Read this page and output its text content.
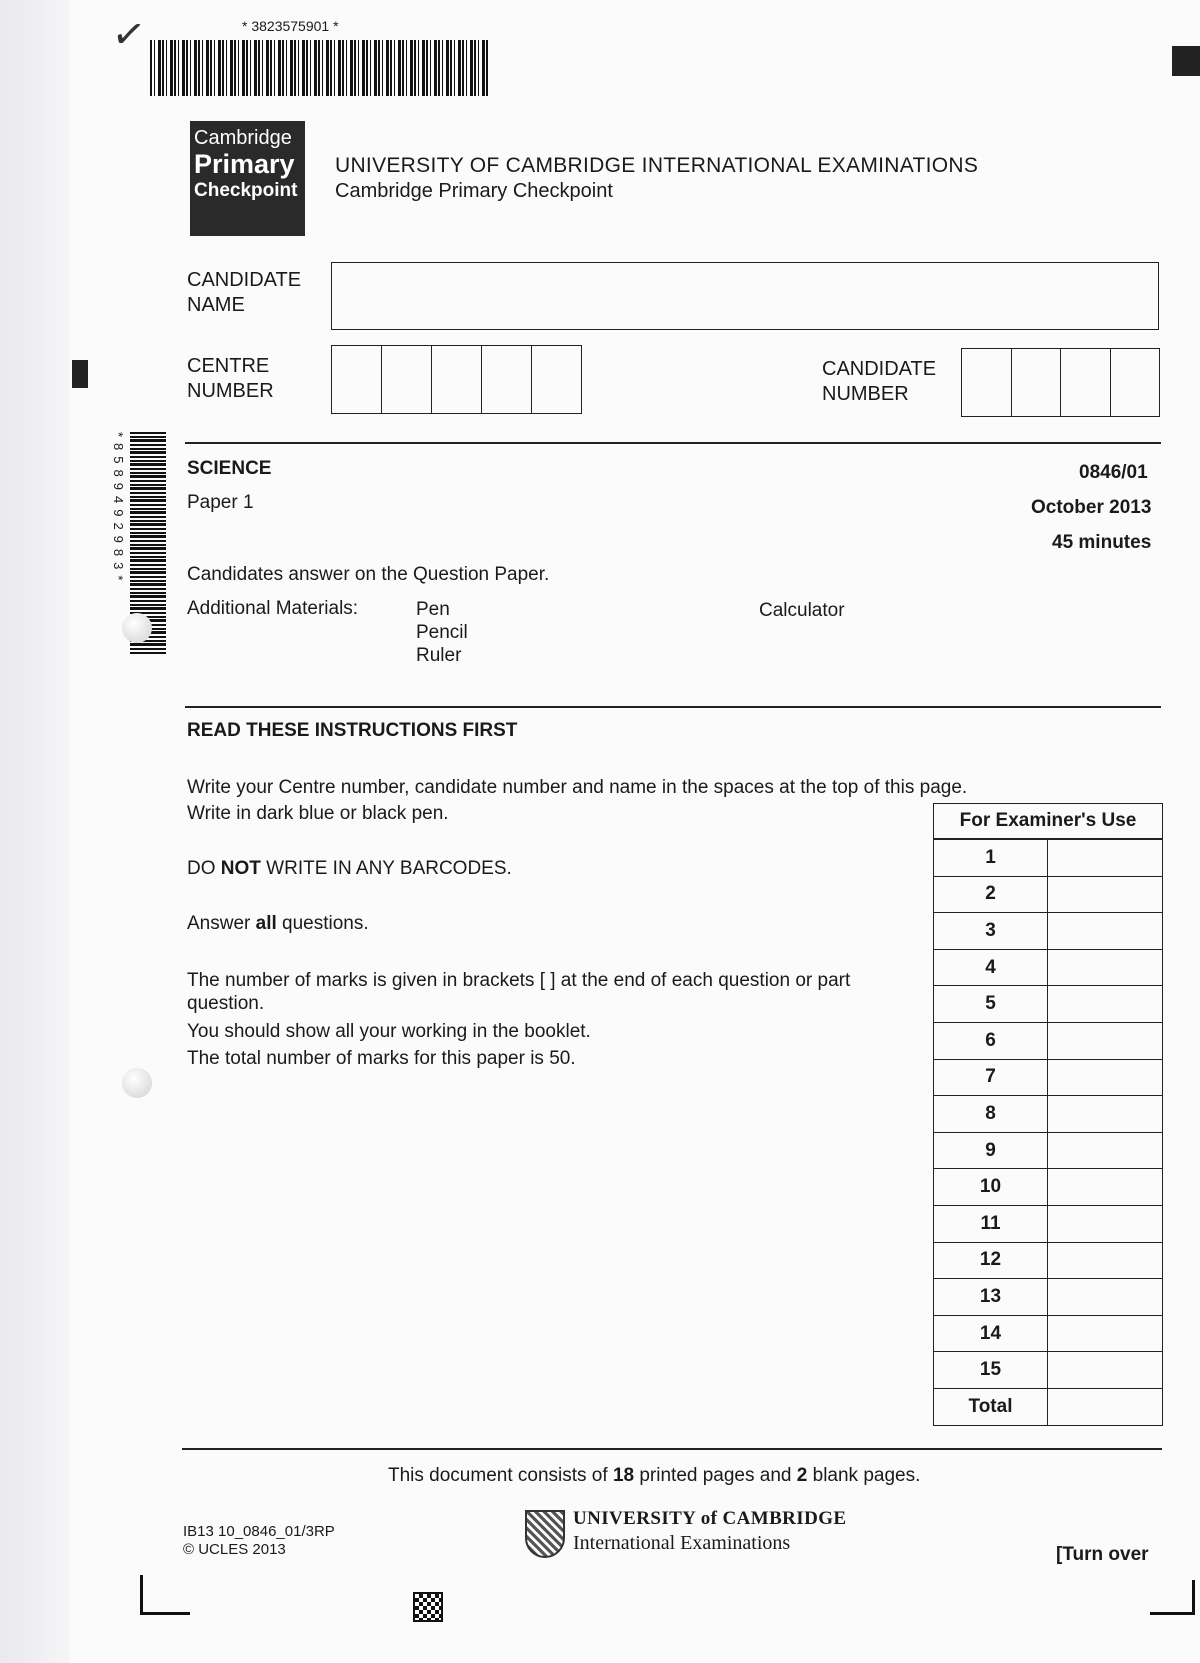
✓	* 3823575901 *
Cambridge
Primary
Checkpoint
UNIVERSITY OF CAMBRIDGE INTERNATIONAL EXAMINATIONS
Cambridge Primary Checkpoint
CANDIDATE
NAME
CENTRE
NUMBER
CANDIDATE
NUMBER
*8589492983*	SCIENCE
Paper 1
0846/01
October 2013
45 minutes
Candidates answer on the Question Paper.
Additional Materials:	Pen
Pencil
Ruler
Calculator
READ THESE INSTRUCTIONS FIRST
Write your Centre number, candidate number and name in the spaces at the top of this page.
Write in dark blue or black pen.
DO NOT WRITE IN ANY BARCODES.
Answer all questions.
The number of marks is given in brackets [ ] at the end of each question or part
question.
You should show all your working in the booklet.
The total number of marks for this paper is 50.
For Examiner's Use
1	
2	
3	
4	
5	
6	
7	
8	
9	
10	
11	
12	
13	
14	
15	
Total	
This document consists of 18 printed pages and 2 blank pages.
IB13 10_0846_01/3RP
© UCLES 2013
UNIVERSITY of CAMBRIDGE
International Examinations
[Turn over
